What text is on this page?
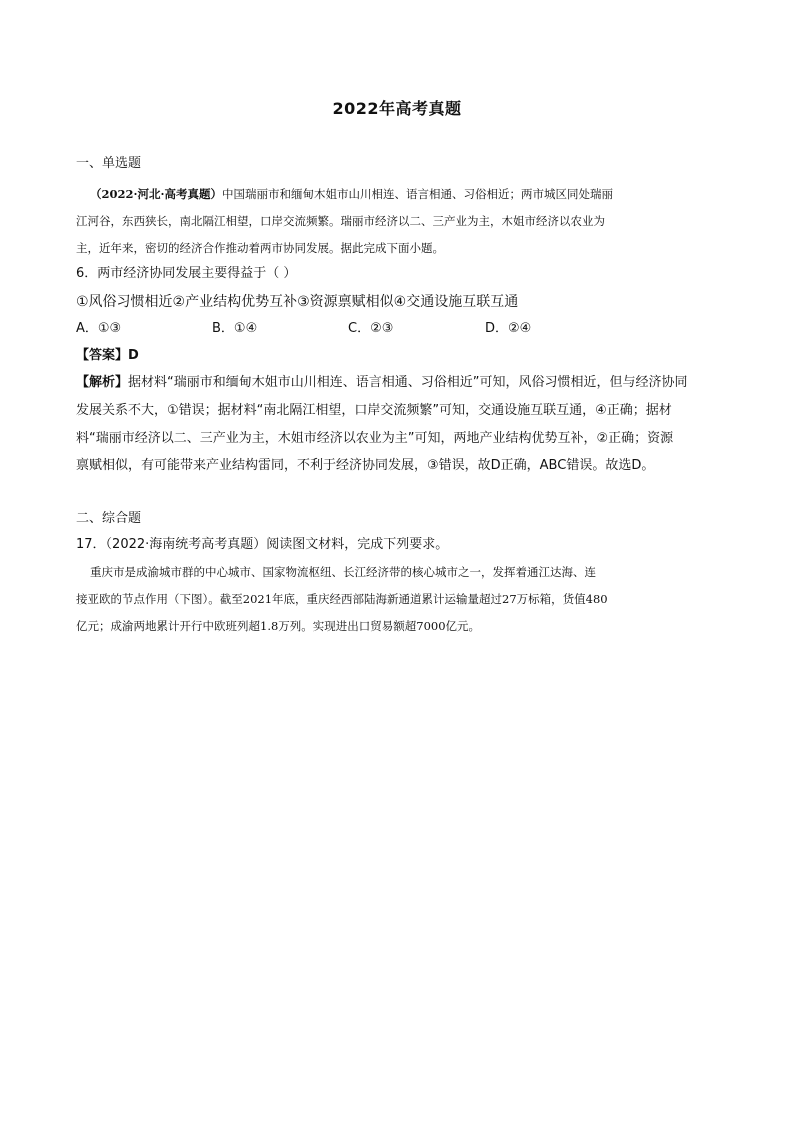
2022年高考真题
一、单选题
（2022·河北·高考真题）中国瑞丽市和缅甸木姐市山川相连、语言相通、习俗相近；两市城区同处瑞丽
江河谷，东西狭长，南北隔江相望，口岸交流频繁。瑞丽市经济以二、三产业为主，木姐市经济以农业为
主，近年来，密切的经济合作推动着两市协同发展。据此完成下面小题。
6．两市经济协同发展主要得益于（ ）
①风俗习惯相近②产业结构优势互补③资源禀赋相似④交通设施互联互通
A．①③	B．①④	C．②③	D．②④
【答案】D
【解析】据材料“瑞丽市和缅甸木姐市山川相连、语言相通、习俗相近”可知，风俗习惯相近，但与经济协同
发展关系不大，①错误；据材料“南北隔江相望，口岸交流频繁”可知，交通设施互联互通，④正确；据材
料“瑞丽市经济以二、三产业为主，木姐市经济以农业为主”可知，两地产业结构优势互补，②正确；资源
禀赋相似，有可能带来产业结构雷同，不利于经济协同发展，③错误，故D正确，ABC错误。故选D。
二、综合题
17．（2022·海南统考高考真题）阅读图文材料，完成下列要求。
重庆市是成渝城市群的中心城市、国家物流枢纽、长江经济带的核心城市之一，发挥着通江达海、连
接亚欧的节点作用（下图）。截至2021年底，重庆经西部陆海新通道累计运输量超过27万标箱，货值480
亿元；成渝两地累计开行中欧班列超1.8万列。实现进出口贸易额超7000亿元。
